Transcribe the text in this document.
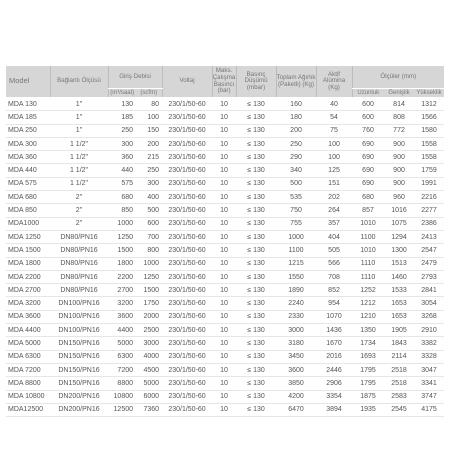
Model	Bağlantı Ölçüsü	Giriş Debisi		Voltaj	Maks. Çalışma Basıncı (bar)	Basınç Düşümü (mbar)	Toplam Ağırlık (Paketli) (Kg)	Aktif Alümina (Kg)	Ölçüler (mm)		
		(m³/saat)	(scfm)						Uzunluk	Genişlik	Yükseklik
MDA 130	1"	130	80	230/1/50-60	10	≤ 130	160	40	600	814	1312
MDA 185	1"	185	100	230/1/50-60	10	≤ 130	180	54	600	808	1566
MDA 250	1"	250	150	230/1/50-60	10	≤ 130	200	75	760	772	1580
MDA 300	1 1/2"	300	200	230/1/50-60	10	≤ 130	250	100	690	900	1558
MDA 360	1 1/2"	360	215	230/1/50-60	10	≤ 130	290	100	690	900	1558
MDA 440	1 1/2"	440	250	230/1/50-60	10	≤ 130	340	125	690	900	1759
MDA 575	1 1/2"	575	300	230/1/50-60	10	≤ 130	500	151	690	900	1991
MDA 680	2"	680	400	230/1/50-60	10	≤ 130	535	202	680	960	2216
MDA 850	2"	850	500	230/1/50-60	10	≤ 130	750	264	857	1016	2277
MDA1000	2"	1000	600	230/1/50-60	10	≤ 130	755	357	1010	1075	2386
MDA 1250	DN80/PN16	1250	700	230/1/50-60	10	≤ 130	1000	404	1100	1294	2413
MDA 1500	DN80/PN16	1500	800	230/1/50-60	10	≤ 130	1100	505	1010	1300	2547
MDA 1800	DN80/PN16	1800	1000	230/1/50-60	10	≤ 130	1215	566	1110	1513	2479
MDA 2200	DN80/PN16	2200	1250	230/1/50-60	10	≤ 130	1550	708	1110	1460	2793
MDA 2700	DN80/PN16	2700	1500	230/1/50-60	10	≤ 130	1890	852	1252	1533	2841
MDA 3200	DN100/PN16	3200	1750	230/1/50-60	10	≤ 130	2240	954	1212	1653	3054
MDA 3600	DN100/PN16	3600	2000	230/1/50-60	10	≤ 130	2330	1070	1210	1653	3268
MDA 4400	DN100/PN16	4400	2500	230/1/50-60	10	≤ 130	3000	1436	1350	1905	2910
MDA 5000	DN150/PN16	5000	3000	230/1/50-60	10	≤ 130	3180	1670	1734	1843	3382
MDA 6300	DN150/PN16	6300	4000	230/1/50-60	10	≤ 130	3450	2016	1693	2114	3328
MDA 7200	DN150/PN16	7200	4500	230/1/50-60	10	≤ 130	3600	2446	1795	2518	3047
MDA 8800	DN150/PN16	8800	5000	230/1/50-60	10	≤ 130	3850	2906	1795	2518	3341
MDA 10800	DN200/PN16	10800	6000	230/1/50-60	10	≤ 130	4200	3354	1875	2583	3747
MDA12500	DN200/PN16	12500	7360	230/1/50-60	10	≤ 130	6470	3894	1935	2545	4175
